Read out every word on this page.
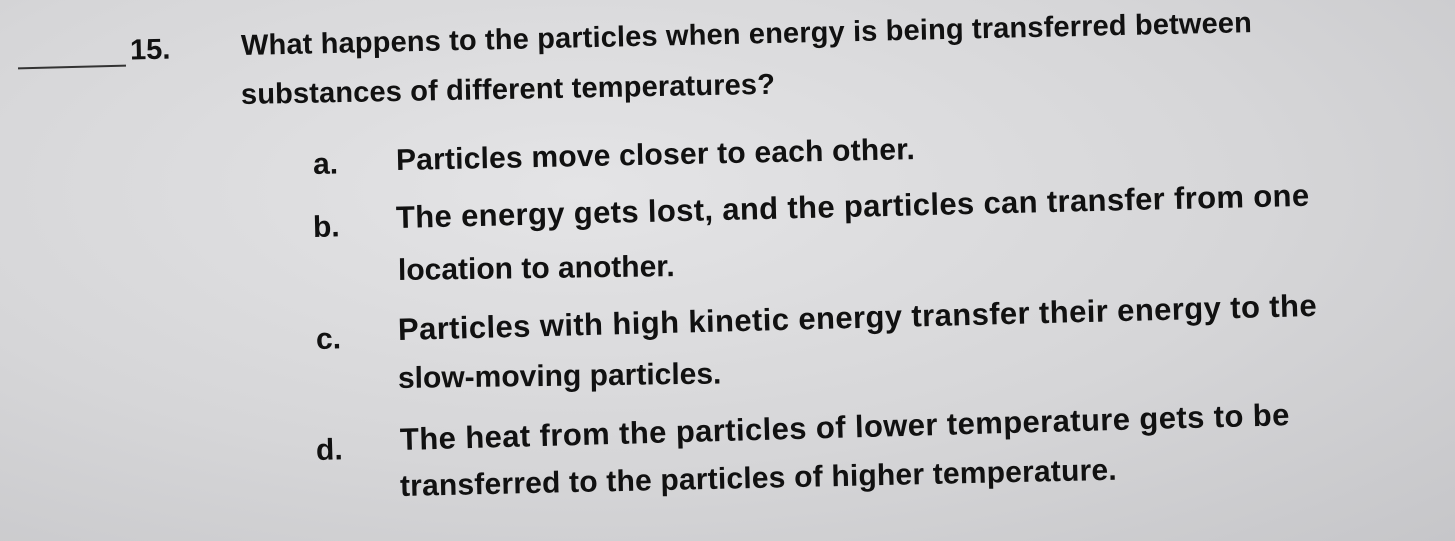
15. What happens to the particles when energy is being transferred between
substances of different temperatures?
a. Particles move closer to each other.
b. The energy gets lost, and the particles can transfer from one
location to another.
c. Particles with high kinetic energy transfer their energy to the
slow-moving particles.
d. The heat from the particles of lower temperature gets to be
transferred to the particles of higher temperature.
